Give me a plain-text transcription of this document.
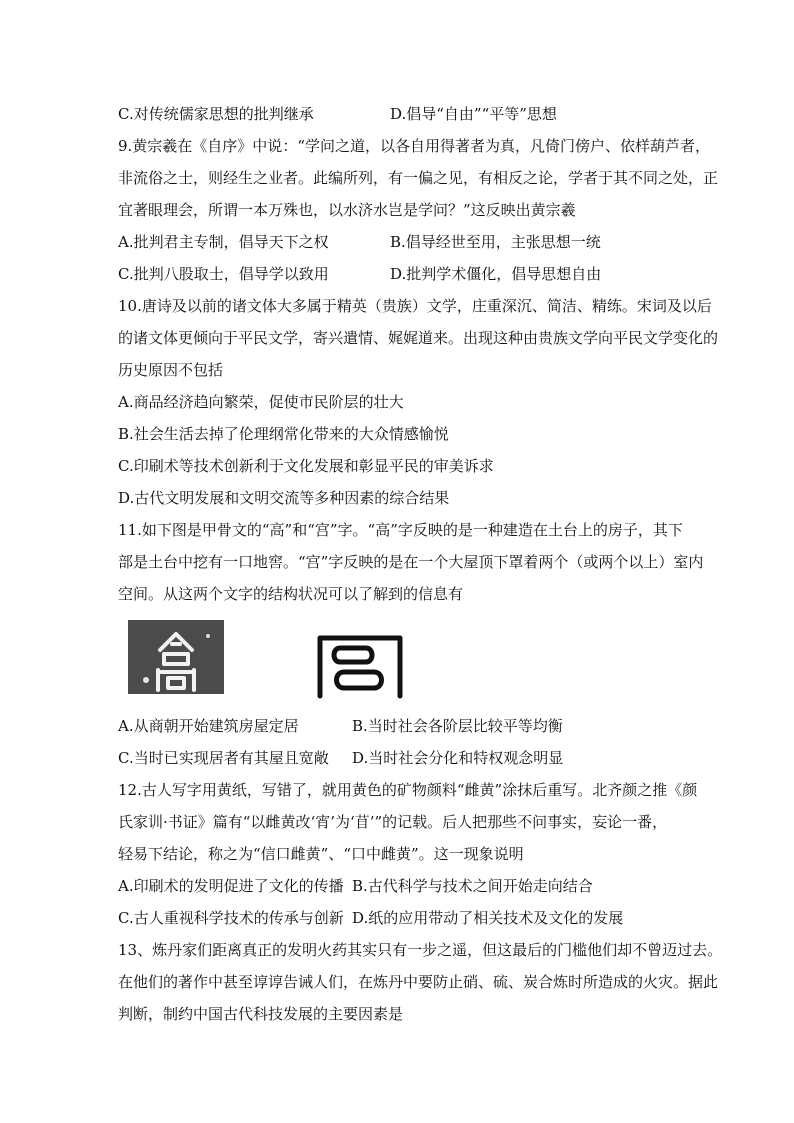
C.对传统儒家思想的批判继承	D.倡导“自由”“平等”思想
9.黄宗羲在《自序》中说：“学问之道，以各自用得著者为真，凡倚门傍户、依样葫芦者，
非流俗之士，则经生之业者。此编所列，有一偏之见，有相反之论，学者于其不同之处，正
宜著眼理会，所谓一本万殊也，以水济水岂是学问？”这反映出黄宗羲
A.批判君主专制，倡导天下之权	B.倡导经世至用，主张思想一统
C.批判八股取士，倡导学以致用	D.批判学术僵化，倡导思想自由
10.唐诗及以前的诸文体大多属于精英（贵族）文学，庄重深沉、简洁、精练。宋词及以后
的诸文体更倾向于平民文学，寄兴遣情、娓娓道来。出现这种由贵族文学向平民文学变化的
历史原因不包括
A.商品经济趋向繁荣，促使市民阶层的壮大
B.社会生活去掉了伦理纲常化带来的大众情感愉悦
C.印刷术等技术创新利于文化发展和彰显平民的审美诉求
D.古代文明发展和文明交流等多种因素的综合结果
11.如下图是甲骨文的“高”和“宫”字。“高”字反映的是一种建造在土台上的房子，其下
部是土台中挖有一口地窖。“宫”字反映的是在一个大屋顶下罩着两个（或两个以上）室内
空间。从这两个文字的结构状况可以了解到的信息有
A.从商朝开始建筑房屋定居	B.当时社会各阶层比较平等均衡
C.当时已实现居者有其屋且宽敞	D.当时社会分化和特权观念明显
12.古人写字用黄纸，写错了，就用黄色的矿物颜料“雌黄”涂抹后重写。北齐颜之推《颜
氏家训·书证》篇有“以雌黄改‘宵’为‘苜’”的记载。后人把那些不问事实，妄论一番，
轻易下结论，称之为“信口雌黄”、“口中雌黄”。这一现象说明
A.印刷术的发明促进了文化的传播 B.古代科学与技术之间开始走向结合
C.古人重视科学技术的传承与创新 D.纸的应用带动了相关技术及文化的发展
13、炼丹家们距离真正的发明火药其实只有一步之遥，但这最后的门槛他们却不曾迈过去。
在他们的著作中甚至谆谆告诫人们，在炼丹中要防止硝、硫、炭合炼时所造成的火灾。据此
判断，制约中国古代科技发展的主要因素是
